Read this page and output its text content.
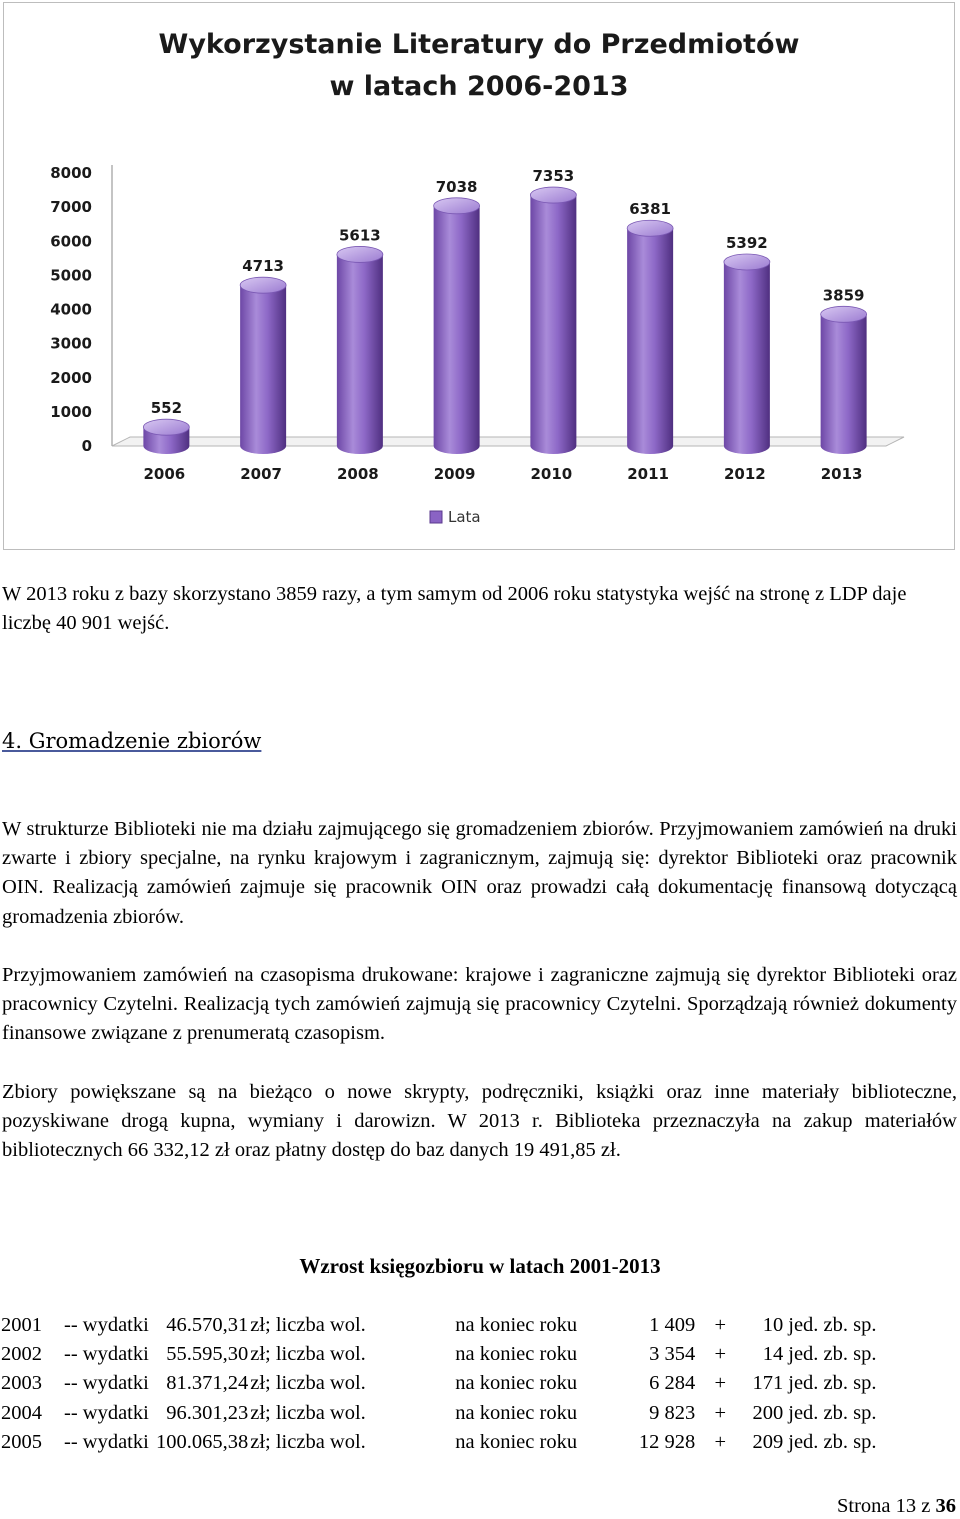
Wykorzystanie Literatury do Przedmiotów
w latach 2006-2013
0
1000
2000
3000
4000
5000
6000
7000
8000
552
4713
5613
7038
7353
6381
5392
3859
2006	2007	2008	2009	2010	2011	2012	2013
Lata

W 2013 roku z bazy skorzystano 3859 razy, a tym samym od 2006 roku statystyka wejść na stronę z LDP daje liczbę 40 901 wejść.

4. Gromadzenie zbiorów

W strukturze Biblioteki nie ma działu zajmującego się gromadzeniem zbiorów. Przyjmowaniem zamówień na druki zwarte i zbiory specjalne, na rynku krajowym i zagranicznym, zajmują się: dyrektor Biblioteki oraz pracownik OIN. Realizacją zamówień zajmuje się pracownik OIN oraz prowadzi całą dokumentację finansową dotyczącą gromadzenia zbiorów.

Przyjmowaniem zamówień na czasopisma drukowane: krajowe i zagraniczne zajmują się dyrektor Biblioteki oraz pracownicy Czytelni. Realizacją tych zamówień zajmują się pracownicy Czytelni. Sporządzają również dokumenty finansowe związane z prenumeratą czasopism.

Zbiory powiększane są na bieżąco o nowe skrypty, podręczniki, książki oraz inne materiały biblioteczne, pozyskiwane drogą kupna, wymiany i darowizn. W 2013 r. Biblioteka przeznaczyła na zakup materiałów bibliotecznych 66 332,12 zł oraz płatny dostęp do baz danych 19 491,85 zł.

Wzrost księgozbioru w latach 2001-2013
2001	-- wydatki	46.570,31	zł; liczba wol.	na koniec roku	1 409	+	10	jed. zb. sp.
2002	-- wydatki	55.595,30	zł; liczba wol.	na koniec roku	3 354	+	14	jed. zb. sp.
2003	-- wydatki	81.371,24	zł; liczba wol.	na koniec roku	6 284	+	171	jed. zb. sp.
2004	-- wydatki	96.301,23	zł; liczba wol.	na koniec roku	9 823	+	200	jed. zb. sp.
2005	-- wydatki	100.065,38	zł; liczba wol.	na koniec roku	12 928	+	209	jed. zb. sp.
Strona 13 z 36
